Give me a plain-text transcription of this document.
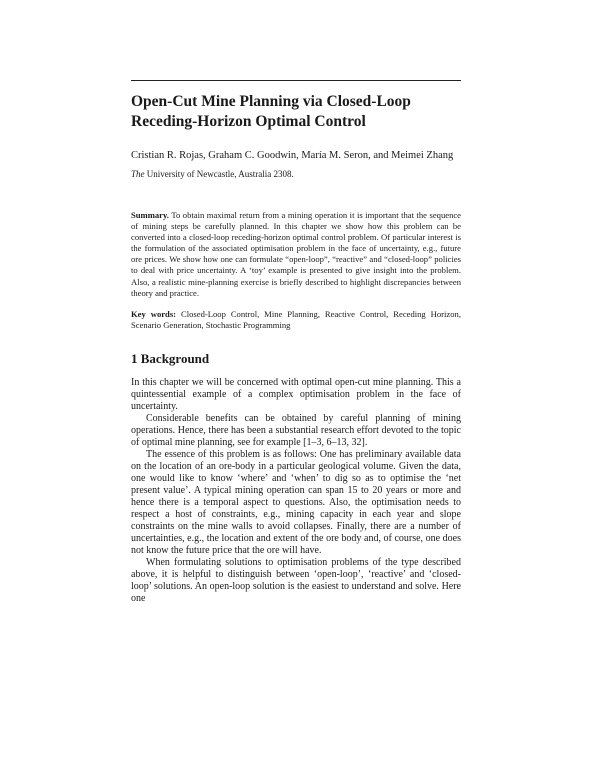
Open-Cut Mine Planning via Closed-Loop
Receding-Horizon Optimal Control
Cristian R. Rojas, Graham C. Goodwin, María M. Seron, and Meimei Zhang
The University of Newcastle, Australia 2308.
Summary. To obtain maximal return from a mining operation it is important that the sequence of mining steps be carefully planned. In this chapter we show how this problem can be converted into a closed-loop receding-horizon optimal control problem. Of particular interest is the formulation of the associated optimisation problem in the face of uncertainty, e.g., future ore prices. We show how one can formulate “open-loop”, “reactive” and “closed-loop” policies to deal with price uncertainty. A ‘toy’ example is presented to give insight into the problem. Also, a realistic mine-planning exercise is briefly described to highlight discrepancies between theory and practice.
Key words: Closed-Loop Control, Mine Planning, Reactive Control, Receding Horizon, Scenario Generation, Stochastic Programming
1 Background

In this chapter we will be concerned with optimal open-cut mine planning. This a quintessential example of a complex optimisation problem in the face of uncertainty.

Considerable benefits can be obtained by careful planning of mining operations. Hence, there has been a substantial research effort devoted to the topic of optimal mine planning, see for example [1–3, 6–13, 32].

The essence of this problem is as follows: One has preliminary available data on the location of an ore-body in a particular geological volume. Given the data, one would like to know ‘where’ and ‘when’ to dig so as to optimise the ‘net present value’. A typical mining operation can span 15 to 20 years or more and hence there is a temporal aspect to questions. Also, the optimisation needs to respect a host of constraints, e.g., mining capacity in each year and slope constraints on the mine walls to avoid collapses. Finally, there are a number of uncertainties, e.g., the location and extent of the ore body and, of course, one does not know the future price that the ore will have.

When formulating solutions to optimisation problems of the type described above, it is helpful to distinguish between ‘open-loop’, ‘reactive’ and ‘closed-loop’ solutions. An open-loop solution is the easiest to understand and solve. Here one
